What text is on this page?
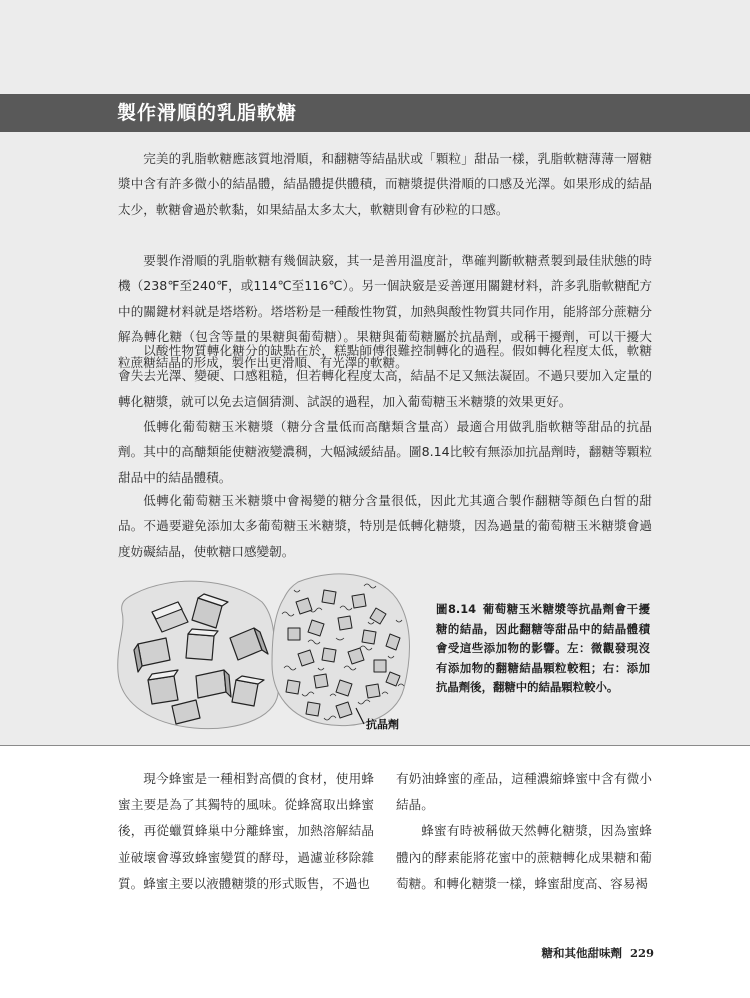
製作滑順的乳脂軟糖

完美的乳脂軟糖應該質地滑順，和翻糖等結晶狀或「顆粒」甜品一樣，乳脂軟糖薄薄一層糖漿中含有許多微小的結晶體，結晶體提供體積，而糖漿提供滑順的口感及光澤。如果形成的結晶太少，軟糖會過於軟黏，如果結晶太多太大，軟糖則會有砂粒的口感。

要製作滑順的乳脂軟糖有幾個訣竅，其一是善用溫度計，準確判斷軟糖煮製到最佳狀態的時機（238℉至240℉，或114℃至116℃）。另一個訣竅是妥善運用關鍵材料，許多乳脂軟糖配方中的關鍵材料就是塔塔粉。塔塔粉是一種酸性物質，加熱與酸性物質共同作用，能將部分蔗糖分解為轉化糖（包含等量的果糖與葡萄糖）。果糖與葡萄糖屬於抗晶劑，或稱干擾劑，可以干擾大粒蔗糖結晶的形成，製作出更滑順、有光澤的軟糖。

以酸性物質轉化糖分的缺點在於，糕點師傅很難控制轉化的過程。假如轉化程度太低，軟糖會失去光澤、變硬、口感粗糙，但若轉化程度太高，結晶不足又無法凝固。不過只要加入定量的轉化糖漿，就可以免去這個猜測、試誤的過程，加入葡萄糖玉米糖漿的效果更好。

低轉化葡萄糖玉米糖漿（糖分含量低而高醣類含量高）最適合用做乳脂軟糖等甜品的抗晶劑。其中的高醣類能使糖液變濃稠，大幅減緩結晶。圖8.14比較有無添加抗晶劑時，翻糖等顆粒甜品中的結晶體積。

低轉化葡萄糖玉米糖漿中會褐變的糖分含量很低，因此尤其適合製作翻糖等顏色白皙的甜品。不過要避免添加太多葡萄糖玉米糖漿，特別是低轉化糖漿，因為過量的葡萄糖玉米糖漿會過度妨礙結晶，使軟糖口感變韌。

抗晶劑
圖8.14 葡萄糖玉米糖漿等抗晶劑會干擾糖的結晶，因此翻糖等甜品中的結晶體積會受這些添加物的影響。左：微觀發現沒有添加物的翻糖結晶顆粒較粗；右：添加抗晶劑後，翻糖中的結晶顆粒較小。

現今蜂蜜是一種相對高價的食材，使用蜂蜜主要是為了其獨特的風味。從蜂窩取出蜂蜜後，再從蠟質蜂巢中分離蜂蜜，加熱溶解結晶並破壞會導致蜂蜜變質的酵母，過濾並移除雜質。蜂蜜主要以液體糖漿的形式販售，不過也

有奶油蜂蜜的產品，這種濃縮蜂蜜中含有微小結晶。

蜂蜜有時被稱做天然轉化糖漿，因為蜜蜂體內的酵素能將花蜜中的蔗糖轉化成果糖和葡萄糖。和轉化糖漿一樣，蜂蜜甜度高、容易褐

糖和其他甜味劑 229
